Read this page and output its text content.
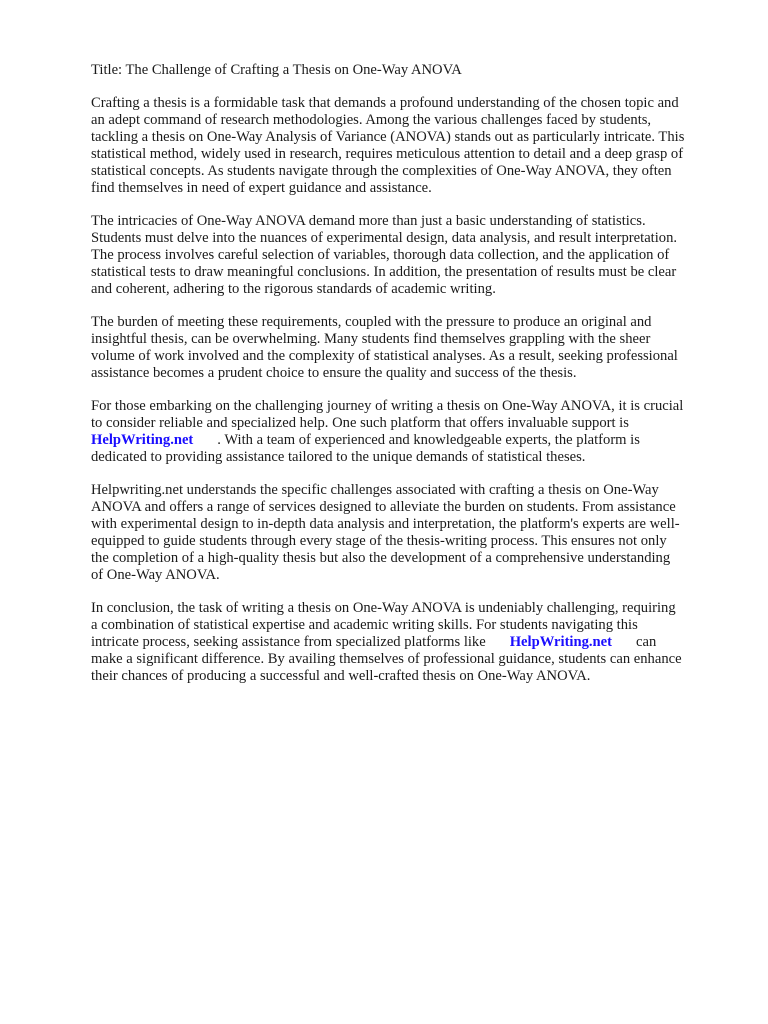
Title: The Challenge of Crafting a Thesis on One-Way ANOVA

Crafting a thesis is a formidable task that demands a profound understanding of the chosen topic and
an adept command of research methodologies. Among the various challenges faced by students,
tackling a thesis on One-Way Analysis of Variance (ANOVA) stands out as particularly intricate. This
statistical method, widely used in research, requires meticulous attention to detail and a deep grasp of
statistical concepts. As students navigate through the complexities of One-Way ANOVA, they often
find themselves in need of expert guidance and assistance.

The intricacies of One-Way ANOVA demand more than just a basic understanding of statistics.
Students must delve into the nuances of experimental design, data analysis, and result interpretation.
The process involves careful selection of variables, thorough data collection, and the application of
statistical tests to draw meaningful conclusions. In addition, the presentation of results must be clear
and coherent, adhering to the rigorous standards of academic writing.

The burden of meeting these requirements, coupled with the pressure to produce an original and
insightful thesis, can be overwhelming. Many students find themselves grappling with the sheer
volume of work involved and the complexity of statistical analyses. As a result, seeking professional
assistance becomes a prudent choice to ensure the quality and success of the thesis.

For those embarking on the challenging journey of writing a thesis on One-Way ANOVA, it is crucial
to consider reliable and specialized help. One such platform that offers invaluable support is
HelpWriting.net . With a team of experienced and knowledgeable experts, the platform is
dedicated to providing assistance tailored to the unique demands of statistical theses.

Helpwriting.net understands the specific challenges associated with crafting a thesis on One-Way
ANOVA and offers a range of services designed to alleviate the burden on students. From assistance
with experimental design to in-depth data analysis and interpretation, the platform's experts are well-
equipped to guide students through every stage of the thesis-writing process. This ensures not only
the completion of a high-quality thesis but also the development of a comprehensive understanding
of One-Way ANOVA.

In conclusion, the task of writing a thesis on One-Way ANOVA is undeniably challenging, requiring
a combination of statistical expertise and academic writing skills. For students navigating this
intricate process, seeking assistance from specialized platforms like HelpWriting.net can
make a significant difference. By availing themselves of professional guidance, students can enhance
their chances of producing a successful and well-crafted thesis on One-Way ANOVA.
